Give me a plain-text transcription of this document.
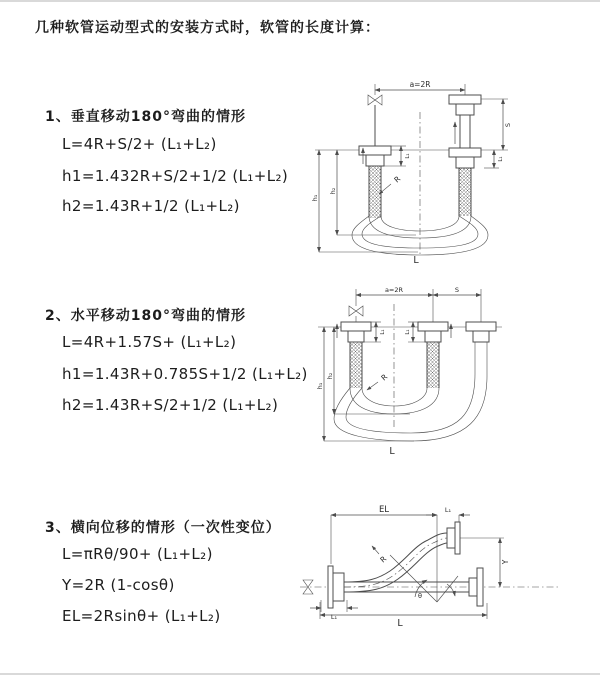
几种软管运动型式的安装方式时，软管的长度计算：
1、垂直移动180°弯曲的情形
L=4R+S/2+ (L₁+L₂)
h1=1.432R+S/2+1/2 (L₁+L₂)
h2=1.43R+1/2 (L₁+L₂)
2、水平移动180°弯曲的情形
L=4R+1.57S+ (L₁+L₂)
h1=1.43R+0.785S+1/2 (L₁+L₂)
h2=1.43R+S/2+1/2 (L₁+L₂)
3、横向位移的情形（一次性变位）
L=πRθ/90+ (L₁+L₂)
Y=2R (1-cosθ)
EL=2Rsinθ+ (L₁+L₂)
a=2R
h₁
h₂
L₁
S
L₁
R
L
a=2R	S
h₁
h₂
L₁	L₁
R
L
EL	L₁
Y
L
L₁
θ
R
